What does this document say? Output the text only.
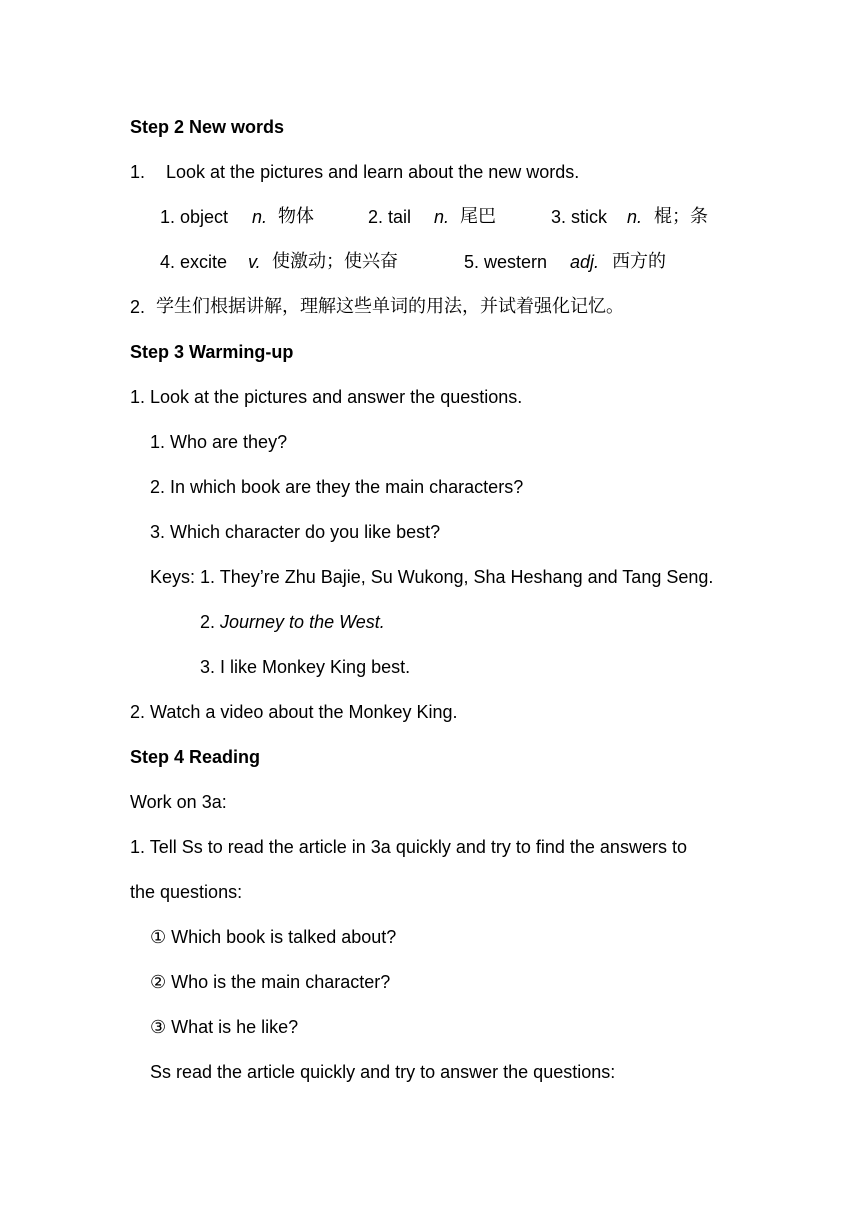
Step 2 New words
1. Look at the pictures and learn about the new words.
1. object n. 物体	2. tail n. 尾巴	3. stick n. 棍；条
4. excite v. 使激动；使兴奋	5. western adj. 西方的
2. 学生们根据讲解，理解这些单词的用法，并试着强化记忆。
Step 3 Warming-up
1. Look at the pictures and answer the questions.
1. Who are they?
2. In which book are they the main characters?
3. Which character do you like best?
Keys: 1. They’re Zhu Bajie, Su Wukong, Sha Heshang and Tang Seng.
2. Journey to the West.
3. I like Monkey King best.
2. Watch a video about the Monkey King.
Step 4 Reading
Work on 3a:
1. Tell Ss to read the article in 3a quickly and try to find the answers to
the questions:
① Which book is talked about?
② Who is the main character?
③ What is he like?
Ss read the article quickly and try to answer the questions:
